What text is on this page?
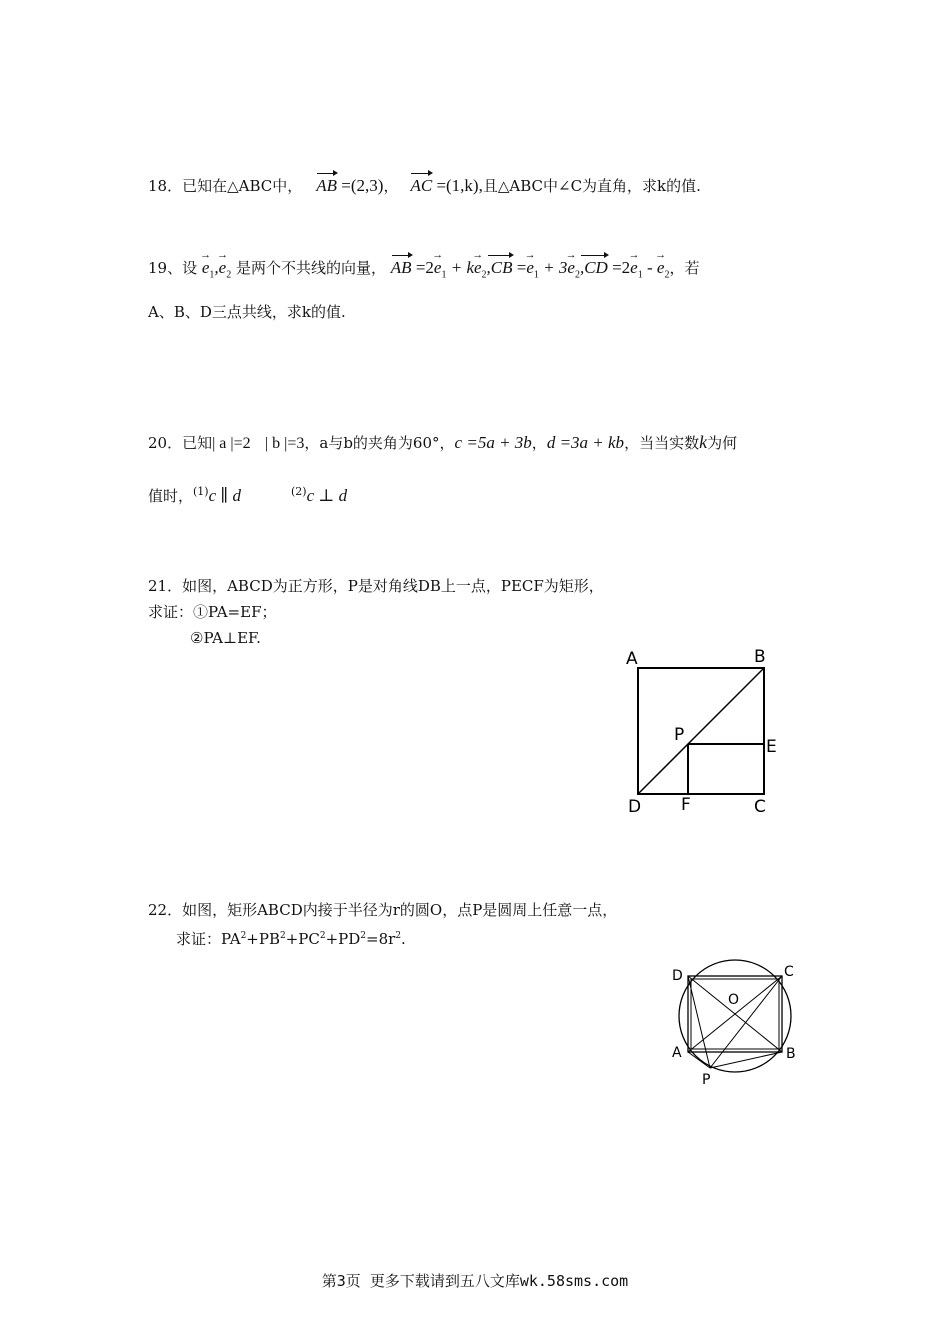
18．已知在△ABC中， AB =(2,3)， AC =(1,k),且△ABC中∠C为直角，求k的值.
19、设 $e \to_1,e \to_2$ 是两个不共线的向量， AB $=2e \to_1$ + ke $\to_2,CB =e \to_1 + 3e \to_2,CD =2e \to_1 - e \to_2$，若
A、B、D三点共线，求k的值.
20．已知| a |=2 | b |=3，a与b的夹角为60°，c =5a + 3b，d =3a + kb，当当实数k为何
值时，$^{(1)}$c ∥ d	$^{(2)}$c ⊥ d
21．如图，ABCD为正方形，P是对角线DB上一点，PECF为矩形，
求证：①PA=EF；
②PA⊥EF.
A	B
C
D
P
E
F
22．如图，矩形ABCD内接于半径为r的圆O，点P是圆周上任意一点，
求证：$PA^2+PB^2+PC^2+PD^2=8r^2$.
D	C
O
A	B
P
第3页 更多下载请到五八文库wk.58sms.com
